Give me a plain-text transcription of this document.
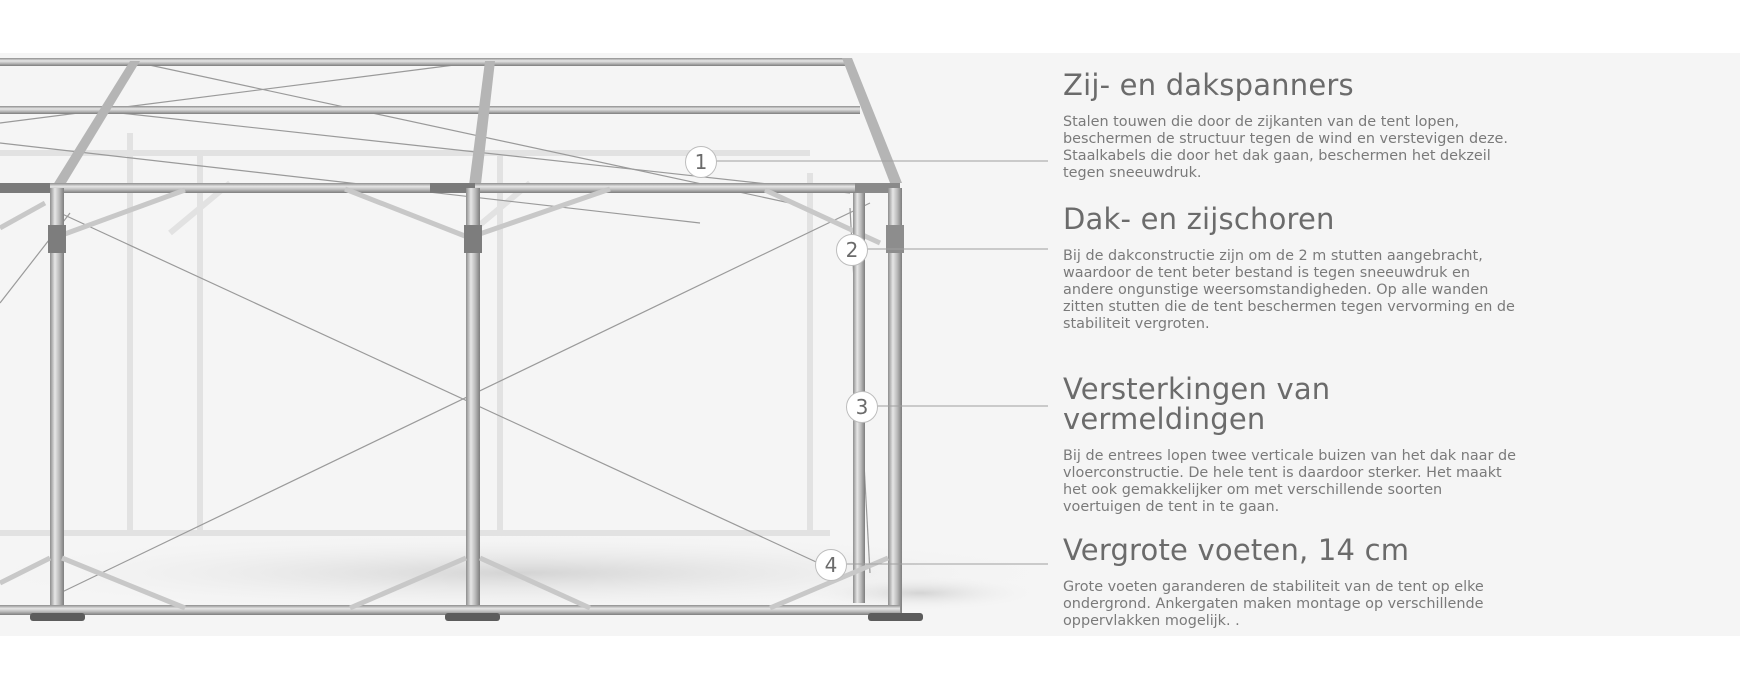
1
2
3
4
Zij- en dakspanners

Stalen touwen die door de zijkanten van de tent lopen, beschermen de structuur tegen de wind en verstevigen deze. Staalkabels die door het dak gaan, beschermen het dekzeil tegen sneeuwdruk.

Dak- en zijschoren

Bij de dakconstructie zijn om de 2 m stutten aangebracht, waardoor de tent beter bestand is tegen sneeuwdruk en andere ongunstige weersomstandigheden. Op alle wanden zitten stutten die de tent beschermen tegen vervorming en de stabiliteit vergroten.

Versterkingen van vermeldingen

Bij de entrees lopen twee verticale buizen van het dak naar de vloerconstructie. De hele tent is daardoor sterker. Het maakt het ook gemakkelijker om met verschillende soorten voertuigen de tent in te gaan.

Vergrote voeten, 14 cm

Grote voeten garanderen de stabiliteit van de tent op elke ondergrond. Ankergaten maken montage op verschillende oppervlakken mogelijk. .
